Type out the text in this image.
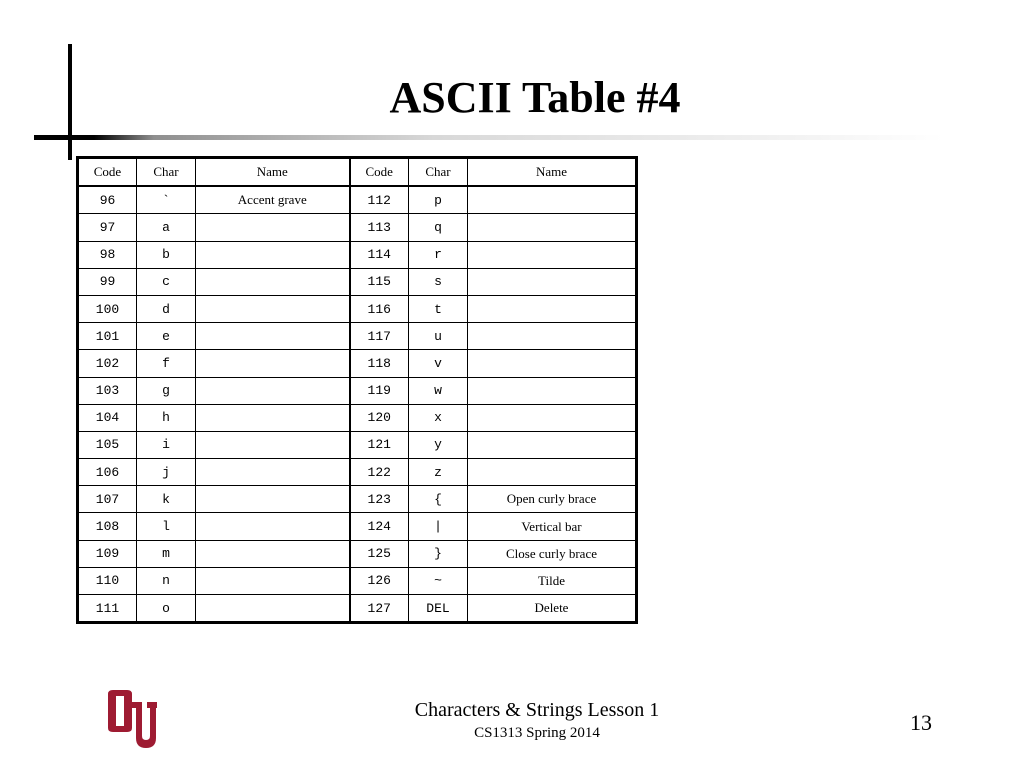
ASCII Table #4
Code	Char	Name	Code	Char	Name
96	`	Accent grave	112	p	
97	a		113	q	
98	b		114	r	
99	c		115	s	
100	d		116	t	
101	e		117	u	
102	f		118	v	
103	g		119	w	
104	h		120	x	
105	i		121	y	
106	j		122	z	
107	k		123	{	Open curly brace
108	l		124	|	Vertical bar
109	m		125	}	Close curly brace
110	n		126	~	Tilde
111	o		127	DEL	Delete
Characters & Strings Lesson 1
CS1313 Spring 2014	13
